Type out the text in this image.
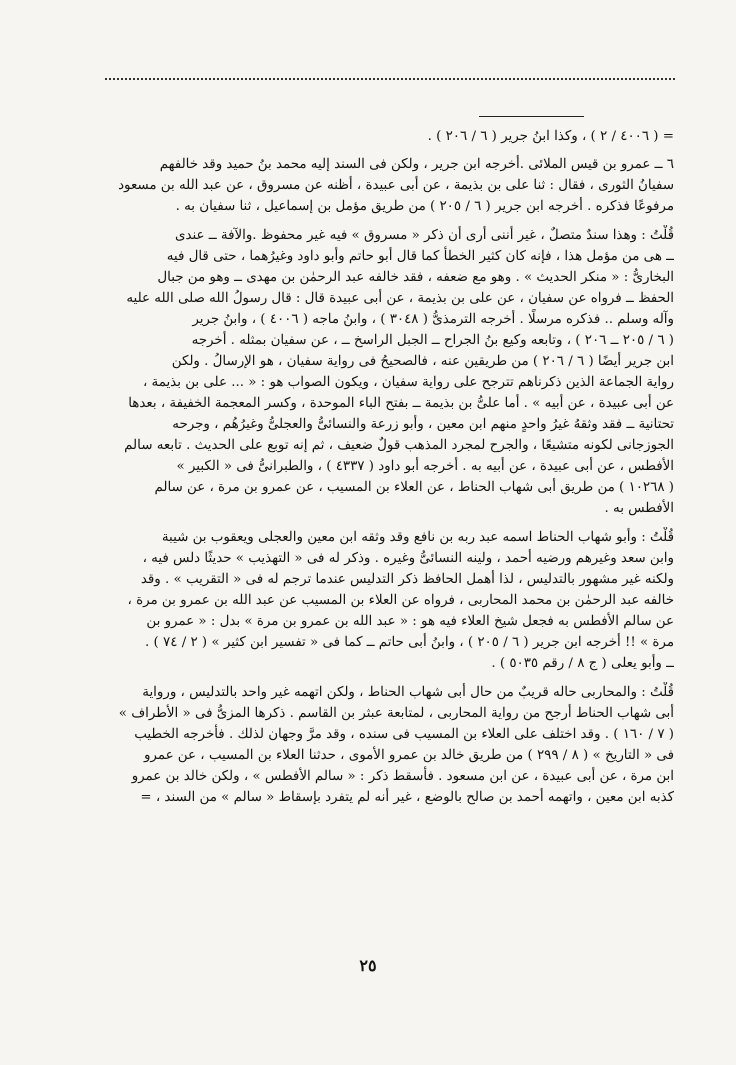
= ( ٤٠٠٦ / ٢ ) ، وكذا ابنُ جرير ( ٦ / ٢٠٦ ) .
٦ ــ عمرو بن قيس الملائى .أخرجه ابن جرير ، ولكن فى السند إليه محمد بنُ حميد وقد خالفهم
سفيانُ الثورى ، فقال : ثنا على بن بذيمة ، عن أبى عبيدة ، أظنه عن مسروق ، عن عبد الله بن مسعود
مرفوعًا فذكره . أخرجه ابن جرير ( ٦ / ٢٠٥ ) من طريق مؤمل بن إسماعيل ، ثنا سفيان به .
قُلْتُ : وهذا سندٌ متصلٌ ، غير أننى أرى أن ذكر « مسروق » فيه غير محفوظ .والآفة ــ عندى
ــ هى من مؤمل هذا ، فإنه كان كثير الخطأ كما قال أبو حاتم وأبو داود وغيرُهما ، حتى قال فيه
البخارىُّ : « منكر الحديث » . وهو مع ضعفه ، فقد خالفه عبد الرحمٰن بن مهدى ــ وهو من جبال
الحفظ ــ فرواه عن سفيان ، عن على بن بذيمة ، عن أبى عبيدة قال : قال رسولُ الله صلى الله عليه
وآله وسلم .. فذكره مرسلًا . أخرجه الترمذىُّ ( ٣٠٤٨ ) ، وابنُ ماجه ( ٤٠٠٦ ) ، وابنُ جرير
( ٦ / ٢٠٥ ــ ٢٠٦ ) ، وتابعه وكيع بنُ الجراح ــ الجبل الراسخ ــ ، عن سفيان بمثله . أخرجه
ابن جرير أيضًا ( ٦ / ٢٠٦ ) من طريقين عنه ، فالصحيحُ فى رواية سفيان ، هو الإرسالُ . ولكن
رواية الجماعة الذين ذكرناهم تترجح على رواية سفيان ، ويكون الصواب هو : « ... على بن بذيمة ،
عن أبى عبيدة ، عن أبيه » . أما علىُّ بن بذيمة ــ بفتح الباء الموحدة ، وكسر المعجمة الخفيفة ، بعدها
تحتانية ــ فقد وثقهُ غيرُ واحدٍ منهم ابن معين ، وأبو زرعة والنسائىُّ والعجلىُّ وغيرُهُم ، وجرحه
الجوزجانى لكونه متشيعًا ، والجرح لمجرد المذهب قولٌ ضعيف ، ثم إنه توبع على الحديث . تابعه سالم
الأفطس ، عن أبى عبيدة ، عن أبيه به . أخرجه أبو داود ( ٤٣٣٧ ) ، والطبرانىُّ فى « الكبير »
( ١٠٢٦٨ ) من طريق أبى شهاب الحناط ، عن العلاء بن المسيب ، عن عمرو بن مرة ، عن سالم
الأفطس به .
قُلْتُ : وأبو شهاب الحناط اسمه عبد ربه بن نافع وقد وثقه ابن معين والعجلى ويعقوب بن شيبة
وابن سعد وغيرهم ورضيه أحمد ، ولينه النسائىُّ وغيره . وذكر له فى « التهذيب » حديثًا دلس فيه ،
ولكنه غير مشهور بالتدليس ، لذا أهمل الحافظ ذكر التدليس عندما ترجم له فى « التقريب » . وقد
خالفه عبد الرحمٰن بن محمد المحاربى ، فرواه عن العلاء بن المسيب عن عبد الله بن عمرو بن مرة ،
عن سالم الأفطس به فجعل شيخ العلاء فيه هو : « عبد الله بن عمرو بن مرة » بدل : « عمرو بن
مرة » !! أخرجه ابن جرير ( ٦ / ٢٠٥ ) ، وابنُ أبى حاتم ــ كما فى « تفسير ابن كثير » ( ٢ / ٧٤ ) .
ــ وأبو يعلى ( ج ٨ / رقم ٥٠٣٥ ) .
قُلْتُ : والمحاربى حاله قريبٌ من حال أبى شهاب الحناط ، ولكن اتهمه غير واحد بالتدليس ، ورواية
أبى شهاب الحناط أرجح من رواية المحاربى ، لمتابعة عبثر بن القاسم . ذكرها المزىُّ فى « الأطراف »
( ٧ / ١٦٠ ) . وقد اختلف على العلاء بن المسيب فى سنده ، وقد مرَّ وجهان لذلك . فأخرجه الخطيب
فى « التاريخ » ( ٨ / ٢٩٩ ) من طريق خالد بن عمرو الأموى ، حدثنا العلاء بن المسيب ، عن عمرو
ابن مرة ، عن أبى عبيدة ، عن ابن مسعود . فأسقط ذكر : « سالم الأفطس » ، ولكن خالد بن عمرو
كذبه ابن معين ، واتهمه أحمد بن صالح بالوضع ، غير أنه لم يتفرد بإسقاط « سالم » من السند ، =
٢٥
